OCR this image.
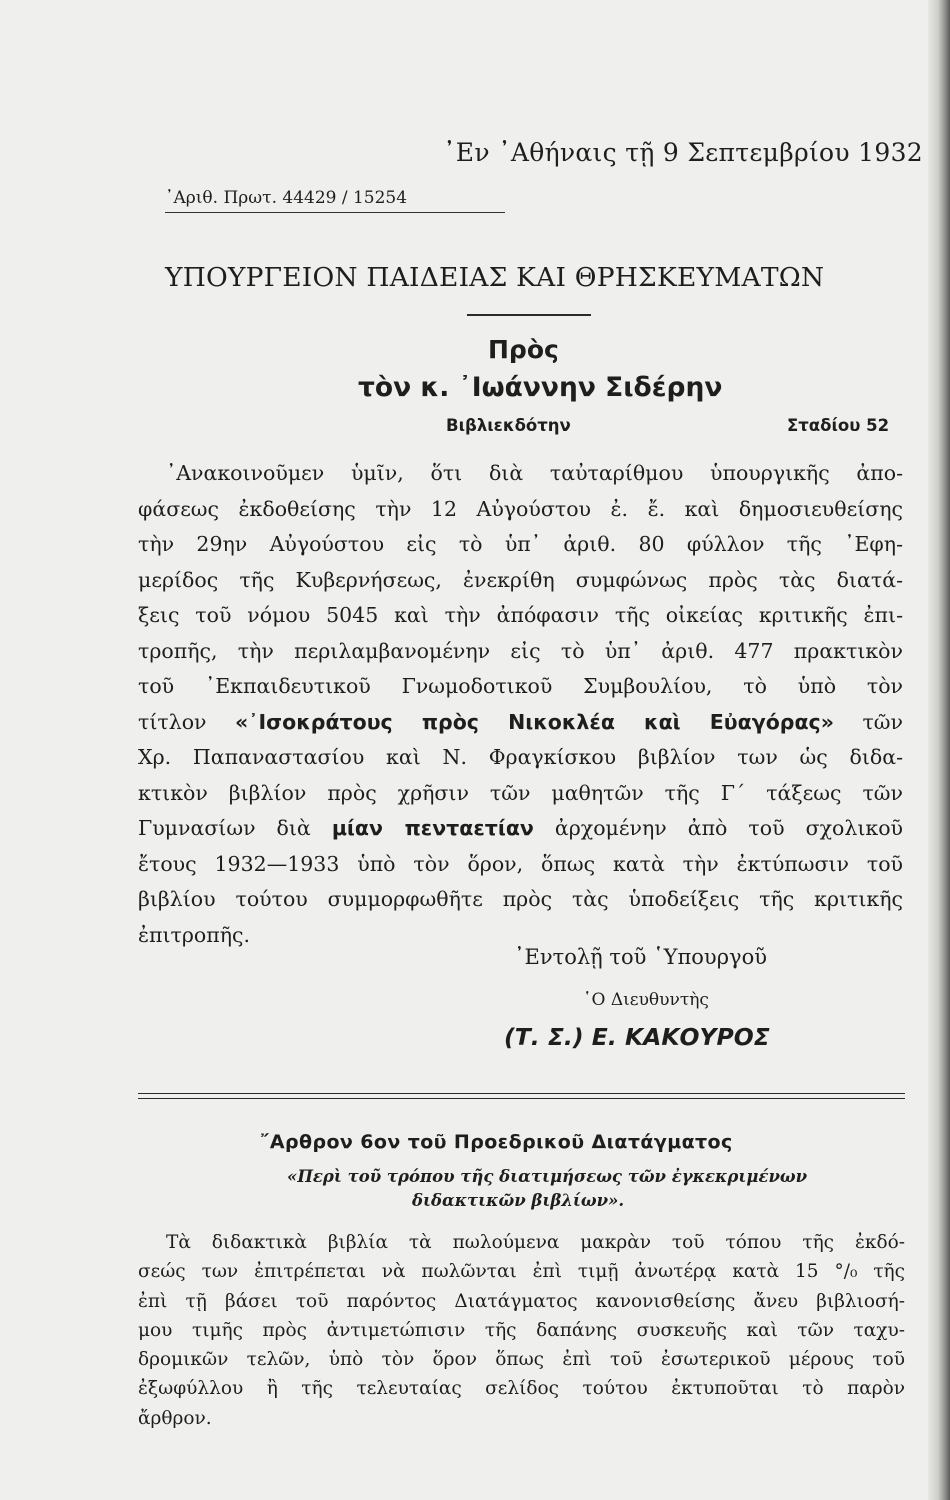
᾿Εν ᾿Αθήναις τῇ 9 Σεπτεμβρίου 1932
᾿Αριθ. Πρωτ. 44429 / 15254
ΥΠΟΥΡΓΕΙΟΝ ΠΑΙΔΕΙΑΣ ΚΑΙ ΘΡΗΣΚΕΥΜΑΤΩΝ
Πρὸς
τὸν κ. ᾿Ιωάννην Σιδέρην
Βιβλιεκδότην	Σταδίου 52
᾿Ανακοινοῦμεν ὑμῖν, ὅτι διὰ ταὐταρίθμου ὑπουργικῆς ἀπο-
φάσεως ἐκδοθείσης τὴν 12 Αὐγούστου ἐ. ἔ. καὶ δημοσιευθείσης
τὴν 29ην Αὐγούστου εἰς τὸ ὑπ᾿ ἀριθ. 80 φύλλον τῆς ᾿Εφη-
μερίδος τῆς Κυβερνήσεως, ἐνεκρίθη συμφώνως πρὸς τὰς διατά-
ξεις τοῦ νόμου 5045 καὶ τὴν ἀπόφασιν τῆς οἰκείας κριτικῆς ἐπι-
τροπῆς, τὴν περιλαμβανομένην εἰς τὸ ὑπ᾿ ἀριθ. 477 πρακτικὸν
τοῦ ᾿Εκπαιδευτικοῦ Γνωμοδοτικοῦ Συμβουλίου, τὸ ὑπὸ τὸν
τίτλον «᾿Ισοκράτους πρὸς Νικοκλέα καὶ Εὐαγόρας» τῶν
Χρ. Παπαναστασίου καὶ Ν. Φραγκίσκου βιβλίον των ὡς διδα-
κτικὸν βιβλίον πρὸς χρῆσιν τῶν μαθητῶν τῆς Γ΄ τάξεως τῶν
Γυμνασίων διὰ μίαν πενταετίαν ἀρχομένην ἀπὸ τοῦ σχολικοῦ
ἔτους 1932—1933 ὑπὸ τὸν ὅρον, ὅπως κατὰ τὴν ἐκτύπωσιν τοῦ
βιβλίου τούτου συμμορφωθῆτε πρὸς τὰς ὑποδείξεις τῆς κριτικῆς
ἐπιτροπῆς.
᾿Εντολῇ τοῦ ῾Υπουργοῦ
῾Ο Διευθυντὴς
(Τ. Σ.) Ε. ΚΑΚΟΥΡΟΣ
῎Αρθρον 6ον τοῦ Προεδρικοῦ Διατάγματος
«Περὶ τοῦ τρόπου τῆς διατιμήσεως τῶν ἐγκεκριμένων
διδακτικῶν βιβλίων».
Τὰ διδακτικὰ βιβλία τὰ πωλούμενα μακρὰν τοῦ τόπου τῆς ἐκδό-
σεώς των ἐπιτρέπεται νὰ πωλῶνται ἐπὶ τιμῇ ἀνωτέρᾳ κατὰ 15 °/₀ τῆς
ἐπὶ τῇ βάσει τοῦ παρόντος Διατάγματος κανονισθείσης ἄνευ βιβλιοσή-
μου τιμῆς πρὸς ἀντιμετώπισιν τῆς δαπάνης συσκευῆς καὶ τῶν ταχυ-
δρομικῶν τελῶν, ὑπὸ τὸν ὅρον ὅπως ἐπὶ τοῦ ἐσωτερικοῦ μέρους τοῦ
ἐξωφύλλου ἢ τῆς τελευταίας σελίδος τούτου ἐκτυποῦται τὸ παρὸν
ἄρθρον.
